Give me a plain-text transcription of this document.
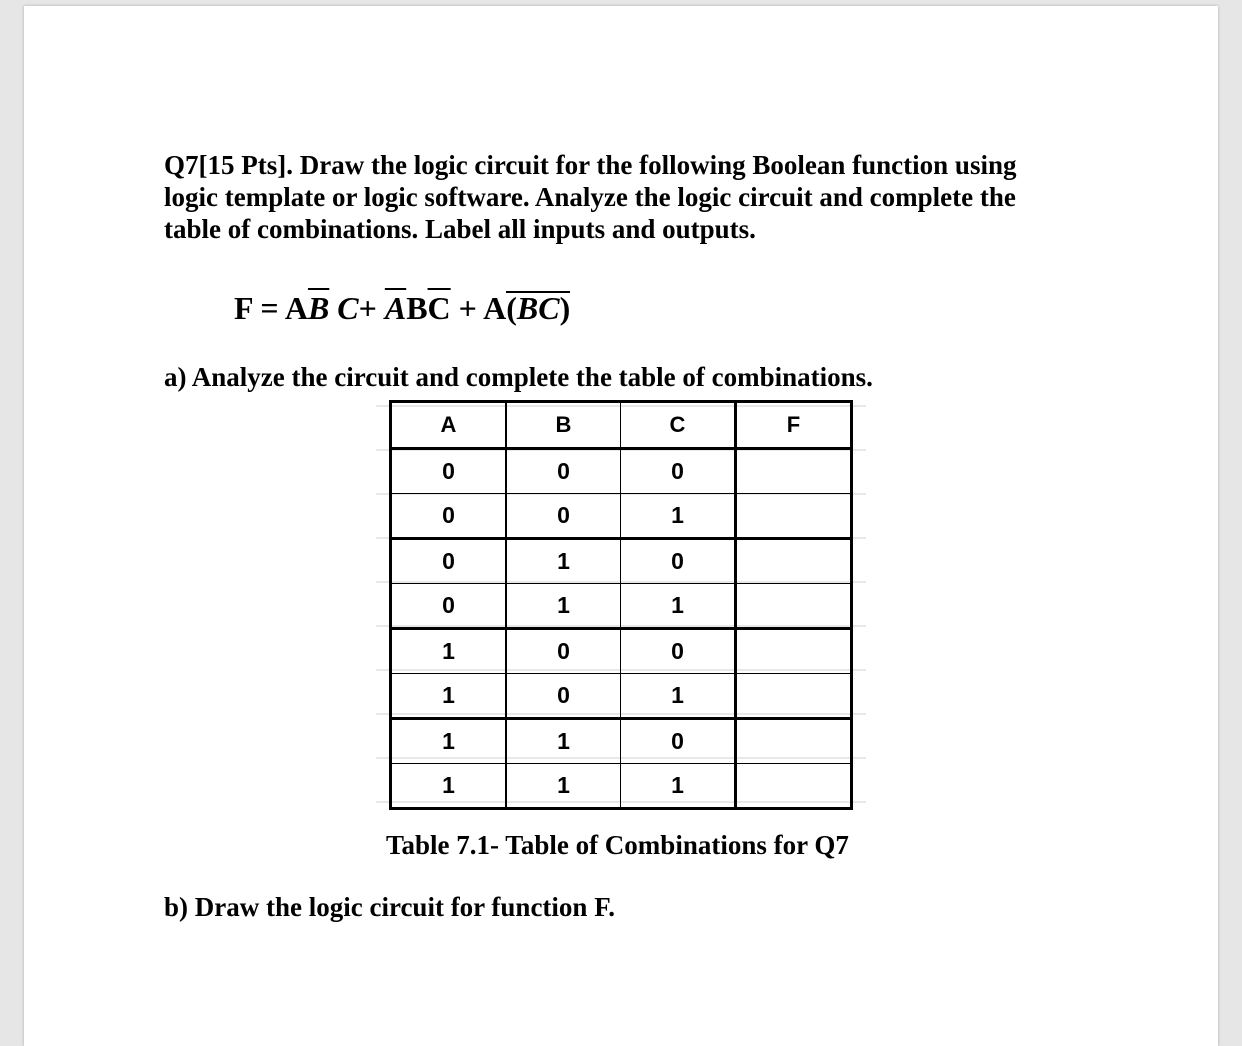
Q7[15 Pts]. Draw the logic circuit for the following Boolean function using
logic template or logic software. Analyze the logic circuit and complete the
table of combinations. Label all inputs and outputs.
$F = A\overline{B}$ $C+ \overline{A}B\overline{C} + A(BC)$
a) Analyze the circuit and complete the table of combinations.
A	B	C	F
0	0	0	
0	0	1	
0	1	0	
0	1	1	
1	0	0	
1	0	1	
1	1	0	
1	1	1	
Table 7.1- Table of Combinations for Q7
b) Draw the logic circuit for function F.
